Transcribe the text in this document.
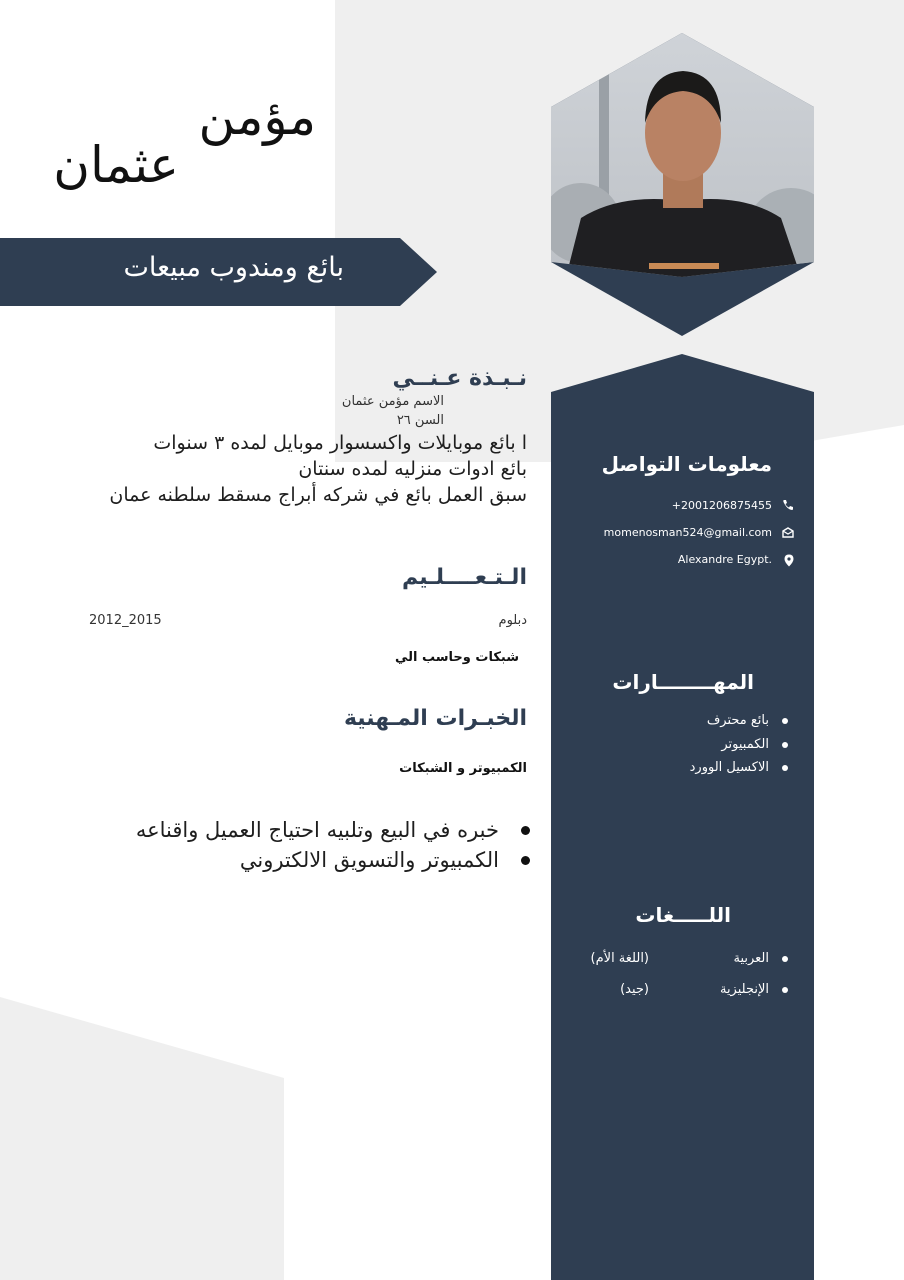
مؤمن
عثمان
بائع ومندوب مبيعات
نـبـذة عـنــي
الاسم مؤمن عثمان
السن ٢٦
ا بائع موبايلات واكسسوار موبايل لمده ٣ سنوات
بائع ادوات منزليه لمده سنتان
سبق العمل بائع في شركه أبراج مسقط سلطنه عمان
الـتـعــــلـيم
دبلوم
2012_2015
شبكات وحاسب الي
الخبـرات المـهنية
الكمبيوتر و الشبكات
خبره في البيع وتلبيه احتياج العميل واقناعه
الكمبيوتر والتسويق الالكتروني
معلومات التواصل
+2001206875455
momenosman524@gmail.com
Alexandre Egypt.
المهــــــــارات
بائع محترف
الكمبيوتر
الاكسيل الوورد
اللـــــغات
العربية
(اللغة الأم)
الإنجليزية
(جيد)
